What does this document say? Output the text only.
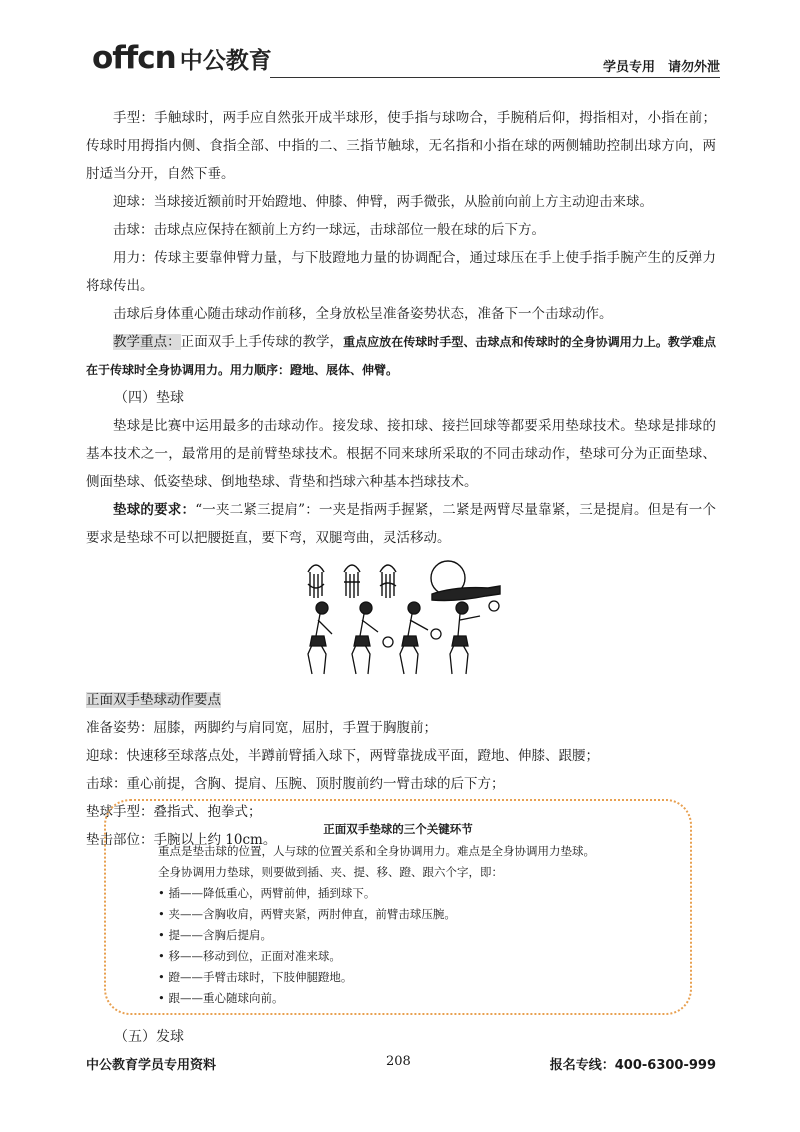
offcn 中公教育	学员专用　请勿外泄

手型：手触球时，两手应自然张开成半球形，使手指与球吻合，手腕稍后仰，拇指相对，小指在前；传球时用拇指内侧、食指全部、中指的二、三指节触球，无名指和小指在球的两侧辅助控制出球方向，两肘适当分开，自然下垂。

迎球：当球接近额前时开始蹬地、伸膝、伸臂，两手微张，从脸前向前上方主动迎击来球。

击球：击球点应保持在额前上方约一球远，击球部位一般在球的后下方。

用力：传球主要靠伸臂力量，与下肢蹬地力量的协调配合，通过球压在手上使手指手腕产生的反弹力将球传出。

击球后身体重心随击球动作前移，全身放松呈准备姿势状态，准备下一个击球动作。

教学重点：正面双手上手传球的教学，重点应放在传球时手型、击球点和传球时的全身协调用力上。教学难点在于传球时全身协调用力。用力顺序：蹬地、展体、伸臂。

（四）垫球

垫球是比赛中运用最多的击球动作。接发球、接扣球、接拦回球等都要采用垫球技术。垫球是排球的基本技术之一，最常用的是前臂垫球技术。根据不同来球所采取的不同击球动作，垫球可分为正面垫球、侧面垫球、低姿垫球、倒地垫球、背垫和挡球六种基本挡球技术。

垫球的要求：“一夹二紧三提肩”：一夹是指两手握紧，二紧是两臂尽量靠紧，三是提肩。但是有一个要求是垫球不可以把腰挺直，要下弯，双腿弯曲，灵活移动。

正面双手垫球动作要点

准备姿势：屈膝，两脚约与肩同宽，屈肘，手置于胸腹前；

迎球：快速移至球落点处，半蹲前臂插入球下，两臂靠拢成平面，蹬地、伸膝、跟腰；

击球：重心前提，含胸、提肩、压腕、顶肘腹前约一臂击球的后下方；

垫球手型：叠指式、抱拳式；

垫击部位：手腕以上约 10cm。

正面双手垫球的三个关键环节
重点是垫击球的位置，人与球的位置关系和全身协调用力。难点是全身协调用力垫球。
全身协调用力垫球，则要做到插、夹、提、移、蹬、跟六个字，即：
• 插——降低重心，两臂前伸，插到球下。
• 夹——含胸收肩，两臂夹紧，两肘伸直，前臂击球压腕。
• 提——含胸后提肩。
• 移——移动到位，正面对准来球。
• 蹬——手臂击球时，下肢伸腿蹬地。
• 跟——重心随球向前。
（五）发球
中公教育学员专用资料	208	报名专线：400-6300-999
